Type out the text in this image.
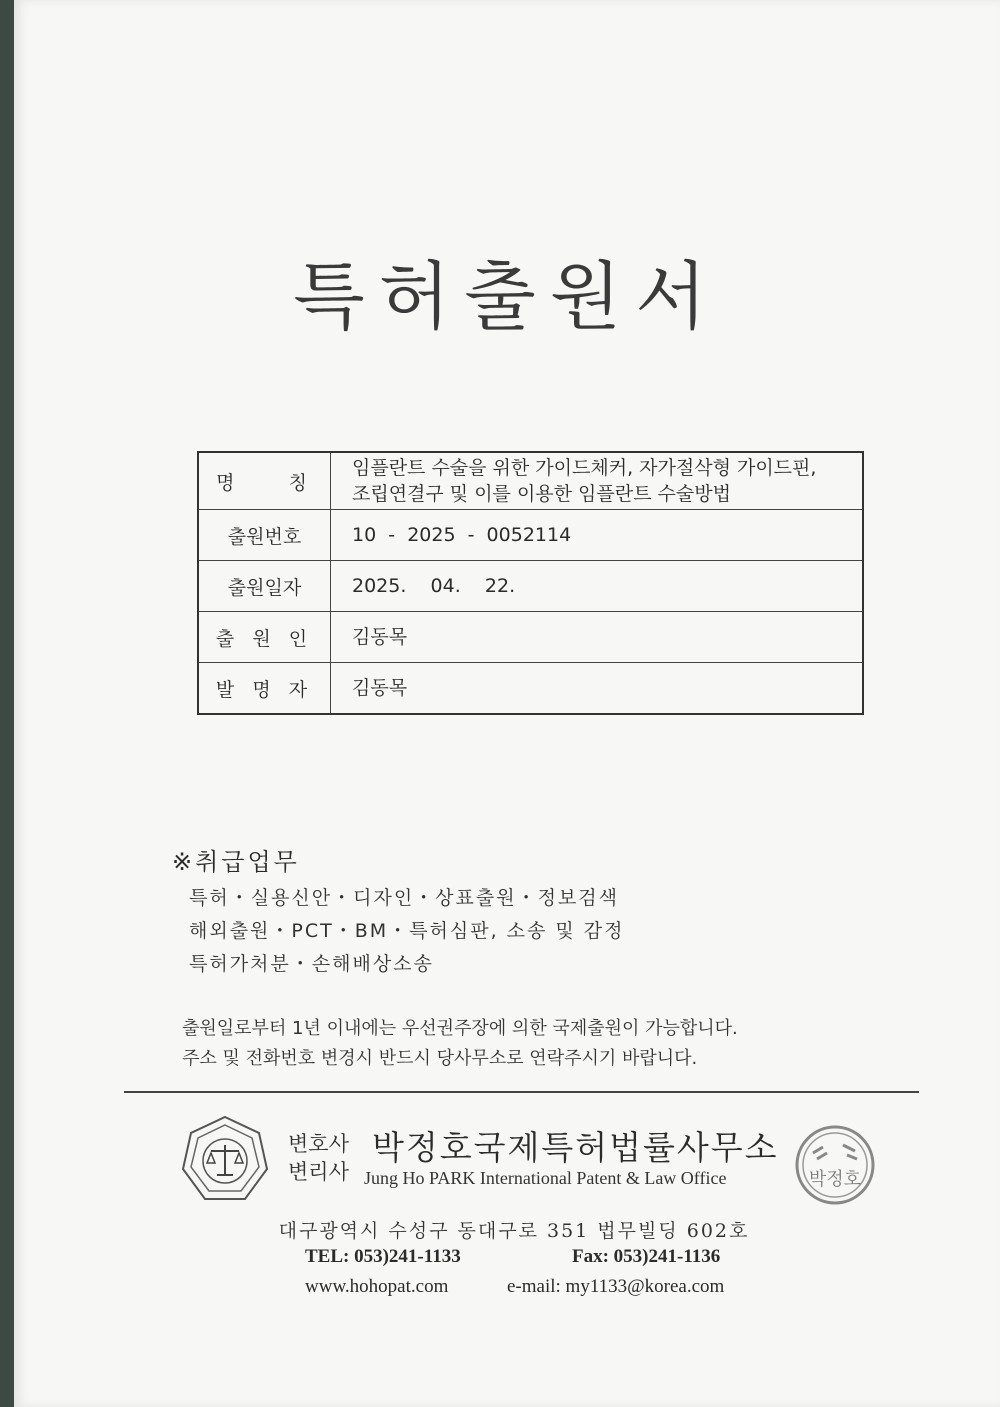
특허출원서
명    칭	임플란트 수술을 위한 가이드체커, 자가절삭형 가이드핀,
조립연결구 및 이를 이용한 임플란트 수술방법

출원번호	10  -  2025  -  0052114
출원일자	2025.    04.    22.
출 원 인	김동목
발 명 자	김동목
※취급업무
특허・실용신안・디자인・상표출원・정보검색
해외출원・PCT・BM・특허심판, 소송 및 감정
특허가처분・손해배상소송
출원일로부터 1년 이내에는 우선권주장에 의한 국제출원이 가능합니다.
주소 및 전화번호 변경시 반드시 당사무소로 연락주시기 바랍니다.
변호사
변리사
박정호국제특허법률사무소
Jung Ho PARK International Patent & Law Office	박정호
대구광역시 수성구 동대구로 351 법무빌딩 602호
TEL: 053)241-1133	Fax: 053)241-1136
www.hohopat.com	e-mail: my1133@korea.com
